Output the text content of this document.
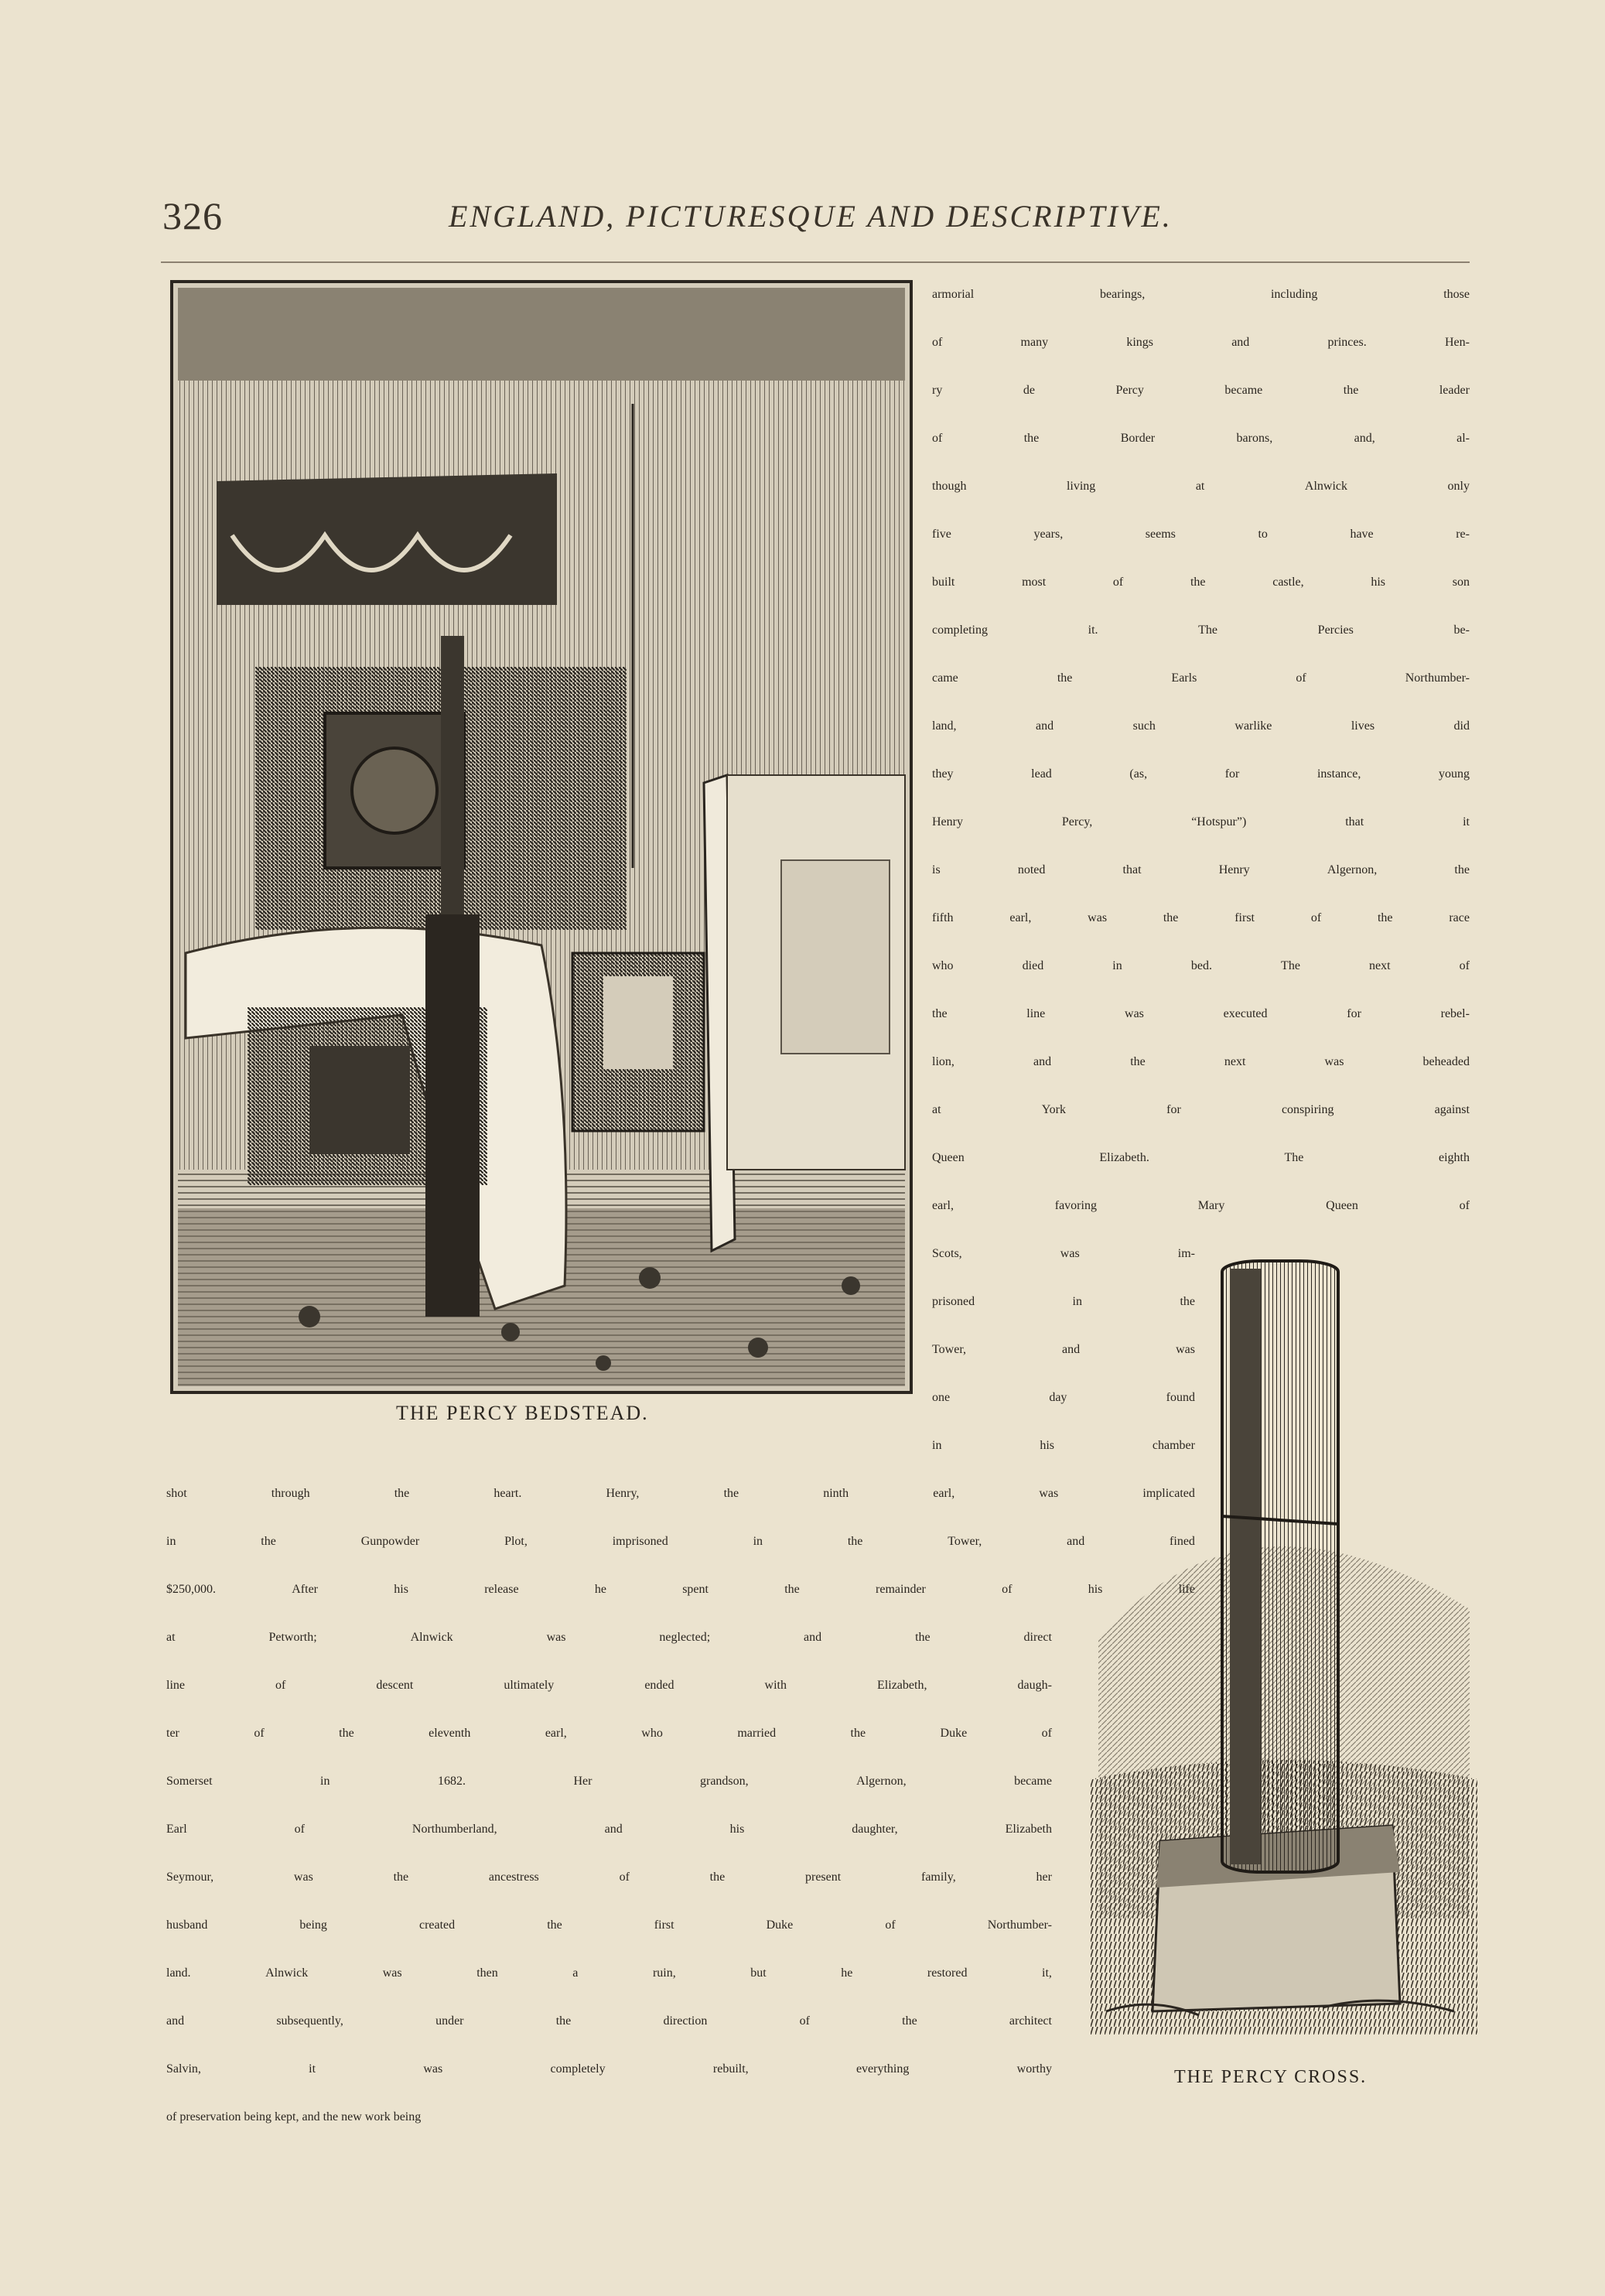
326	ENGLAND, PICTURESQUE AND DESCRIPTIVE.
THE PERCY BEDSTEAD.
THE PERCY CROSS.
armorial	bearings,	including	those
of	many	kings	and	princes.	Hen-
ry	de	Percy	became	the	leader
of	the	Border	barons,	and,	al-
though	living	at	Alnwick	only
five	years,	seems	to	have	re-
built	most	of	the	castle,	his	son
completing	it.	The	Percies	be-
came	the	Earls	of	Northumber-
land,	and	such	warlike	lives	did
they	lead	(as,	for	instance,	young
Henry	Percy,	“Hotspur”)	that	it
is	noted	that	Henry	Algernon,	the
fifth	earl,	was	the	first	of	the	race
who	died	in	bed.	The	next	of
the	line	was	executed	for	rebel-
lion,	and	the	next	was	beheaded
at	York	for	conspiring	against
Queen	Elizabeth.	The	eighth
earl,	favoring	Mary	Queen	of
Scots,	was	im-
prisoned	in	the
Tower,	and	was
one	day	found
in	his	chamber
shot	through	the	heart.	Henry,	the	ninth	earl,	was	implicated
in	the	Gunpowder	Plot,	imprisoned	in	the	Tower,	and	fined
$250,000.	After	his	release	he	spent	the	remainder	of	his	life
at	Petworth;	Alnwick	was	neglected;	and	the	direct
line	of	descent	ultimately	ended	with	Elizabeth,	daugh-
ter	of	the	eleventh	earl,	who	married	the	Duke	of
Somerset	in	1682.	Her	grandson,	Algernon,	became
Earl	of	Northumberland,	and	his	daughter,	Elizabeth
Seymour,	was	the	ancestress	of	the	present	family,	her
husband	being	created	the	first	Duke	of	Northumber-
land.	Alnwick	was	then	a	ruin,	but	he	restored	it,
and	subsequently,	under	the	direction	of	the	architect
Salvin,	it	was	completely	rebuilt,	everything	worthy
of preservation being kept, and the new work being
